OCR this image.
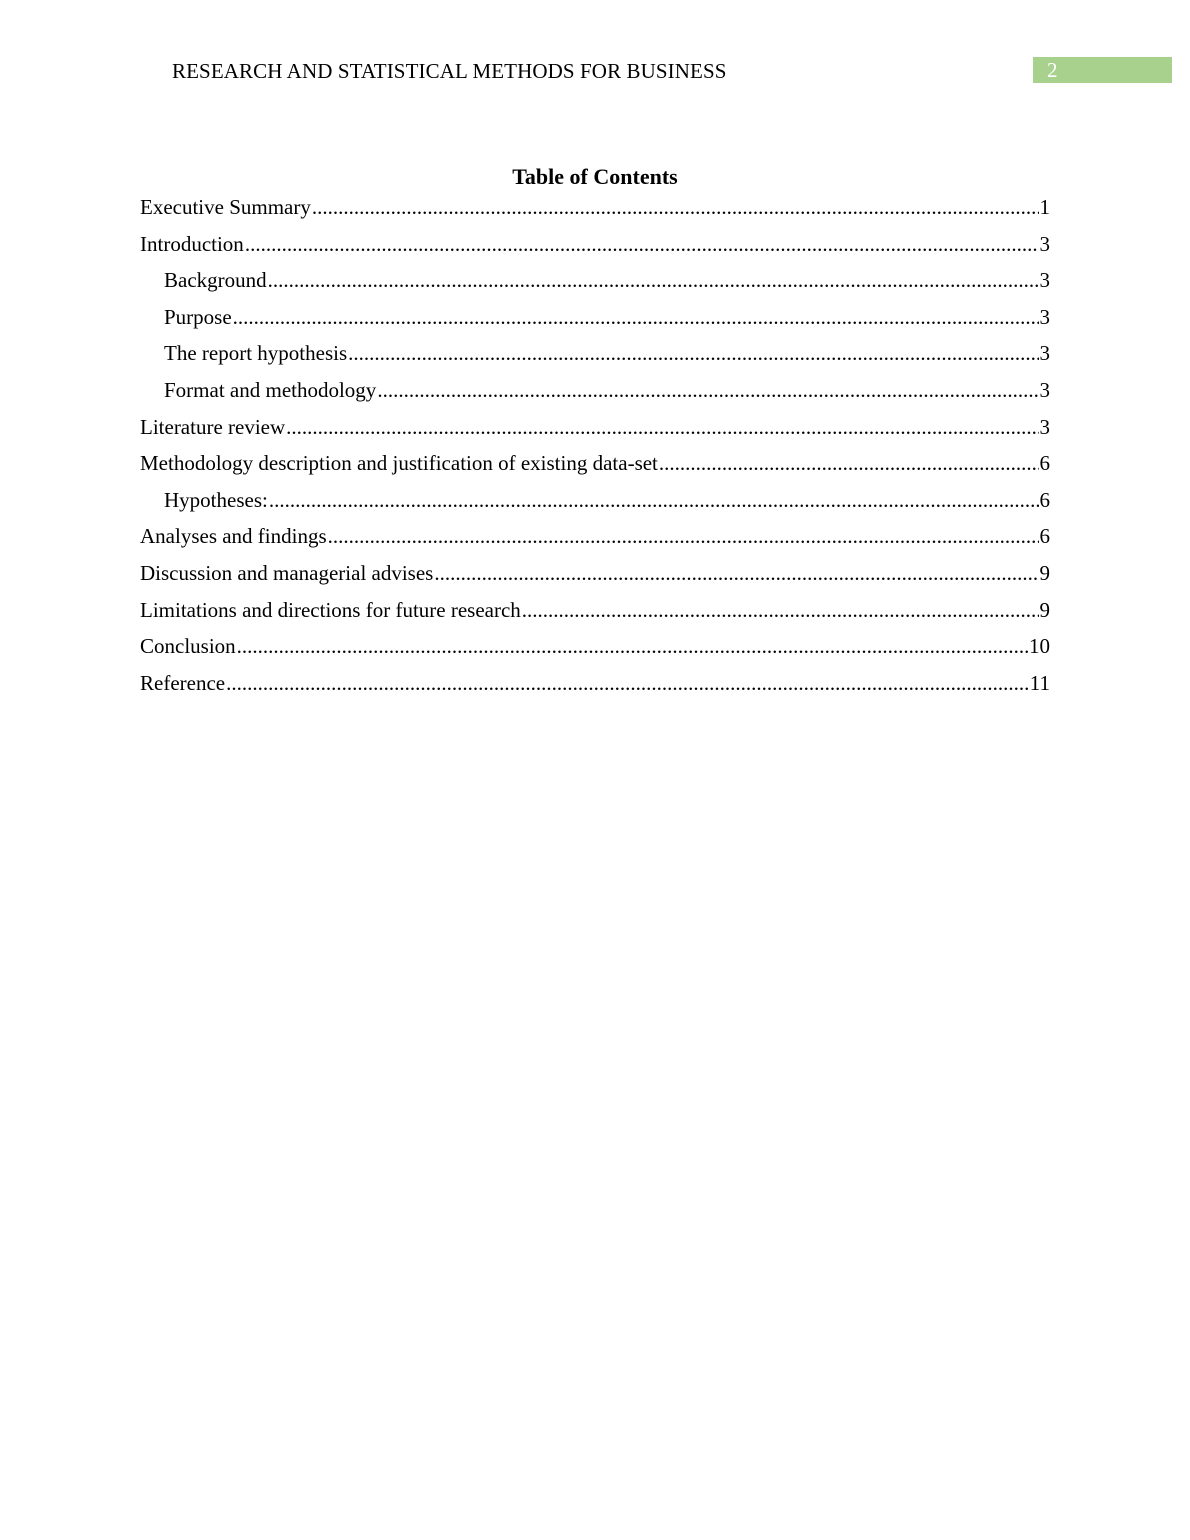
RESEARCH AND STATISTICAL METHODS FOR BUSINESS	2
Table of Contents
Executive Summary .....	1
Introduction .....	3
Background .....	3
Purpose .....	3
The report hypothesis .....	3
Format and methodology .....	3
Literature review .....	3
Methodology description and justification of existing data-set .....	6
Hypotheses: .....	6
Analyses and findings .....	6
Discussion and managerial advises .....	9
Limitations and directions for future research .....	9
Conclusion .....	10
Reference .....	11
